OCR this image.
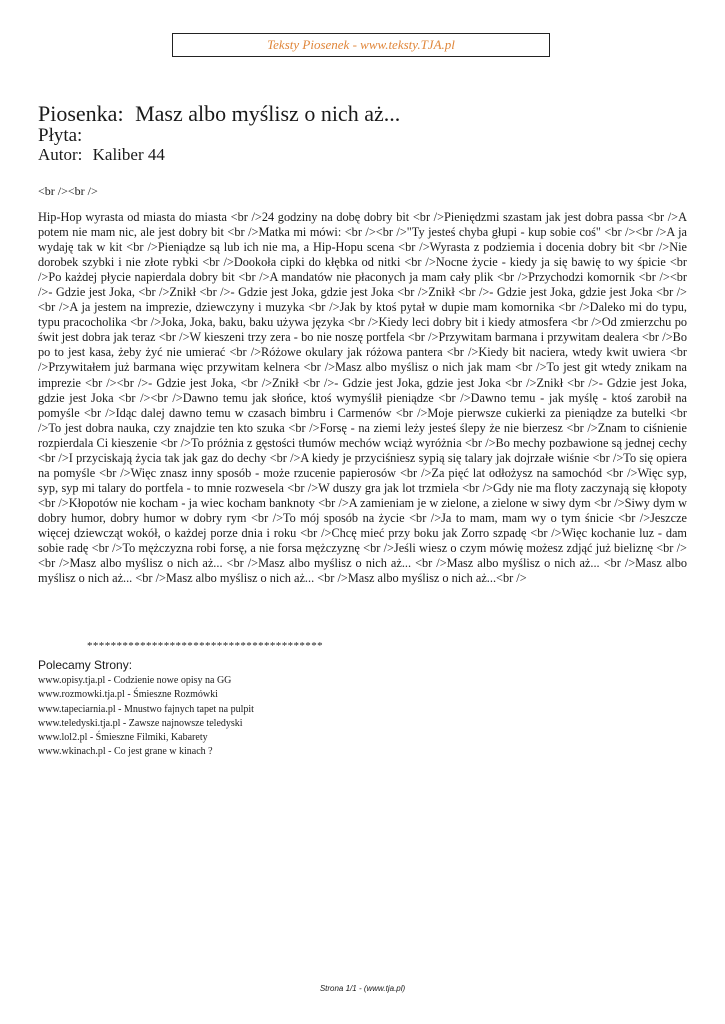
Teksty Piosenek - www.teksty.TJA.pl
Piosenka: Masz albo myślisz o nich aż...
Płyta:
Autor: Kaliber 44
<br /><br />

Hip-Hop wyrasta od miasta do miasta <br />24 godziny na dobę dobry bit <br />Pieniędzmi szastam jak jest dobra passa <br />A potem nie mam nic, ale jest dobry bit <br />Matka mi mówi: <br /><br />"Ty jesteś chyba głupi - kup sobie coś" <br /><br />A ja wydaję tak w kit <br />Pieniądze są lub ich nie ma, a Hip-Hopu scena <br />Wyrasta z podziemia i docenia dobry bit <br />Nie dorobek szybki i nie złote rybki <br />Dookoła cipki do kłębka od nitki <br />Nocne życie - kiedy ja się bawię to wy śpicie <br />Po każdej płycie napierdala dobry bit <br />A mandatów nie płaconych ja mam cały plik <br />Przychodzi komornik <br /><br />- Gdzie jest Joka, <br />Znikł <br />- Gdzie jest Joka, gdzie jest Joka <br />Znikł <br />- Gdzie jest Joka, gdzie jest Joka <br /><br />A ja jestem na imprezie, dziewczyny i muzyka <br />Jak by ktoś pytał w dupie mam komornika <br />Daleko mi do typu, typu pracocholika <br />Joka, Joka, baku, baku używa języka <br />Kiedy leci dobry bit i kiedy atmosfera <br />Od zmierzchu po świt jest dobra jak teraz <br />W kieszeni trzy zera - bo nie noszę portfela <br />Przywitam barmana i przywitam dealera <br />Bo po to jest kasa, żeby żyć nie umierać <br />Różowe okulary jak różowa pantera <br />Kiedy bit naciera, wtedy kwit uwiera <br />Przywitałem już barmana więc przywitam kelnera <br />Masz albo myślisz o nich jak mam <br />To jest git wtedy znikam na imprezie <br /><br />- Gdzie jest Joka, <br />Znikł <br />- Gdzie jest Joka, gdzie jest Joka <br />Znikł <br />- Gdzie jest Joka, gdzie jest Joka <br /><br />Dawno temu jak słońce, ktoś wymyślił pieniądze <br />Dawno temu - jak myślę - ktoś zarobił na pomyśle <br />Idąc dalej dawno temu w czasach bimbru i Carmenów <br />Moje pierwsze cukierki za pieniądze za butelki <br />To jest dobra nauka, czy znajdzie ten kto szuka <br />Forsę - na ziemi leży jesteś ślepy że nie bierzesz <br />Znam to ciśnienie rozpierdala Ci kieszenie <br />To próżnia z gęstości tłumów mechów wciąż wyróżnia <br />Bo mechy pozbawione są jednej cechy <br />I przyciskają życia tak jak gaz do dechy <br />A kiedy je przyciśniesz sypią się talary jak dojrzałe wiśnie <br />To się opiera na pomyśle <br />Więc znasz inny sposób - może rzucenie papierosów <br />Za pięć lat odłożysz na samochód <br />Więc syp, syp, syp mi talary do portfela - to mnie rozwesela <br />W duszy gra jak lot trzmiela <br />Gdy nie ma floty zaczynają się kłopoty <br />Kłopotów nie kocham - ja wiec kocham banknoty <br />A zamieniam je w zielone, a zielone w siwy dym <br />Siwy dym w dobry humor, dobry humor w dobry rym <br />To mój sposób na życie <br />Ja to mam, mam wy o tym śnicie <br />Jeszcze więcej dziewcząt wokół, o każdej porze dnia i roku <br />Chcę mieć przy boku jak Zorro szpadę <br />Więc kochanie luz - dam sobie radę <br />To mężczyzna robi forsę, a nie forsa mężczyznę <br />Jeśli wiesz o czym mówię możesz zdjąć już bieliznę <br /><br />Masz albo myślisz o nich aż... <br />Masz albo myślisz o nich aż... <br />Masz albo myślisz o nich aż... <br />Masz albo myślisz o nich aż... <br />Masz albo myślisz o nich aż... <br />Masz albo myślisz o nich aż...<br />

****************************************
Polecamy Strony:
www.opisy.tja.pl - Codzienie nowe opisy na GG
www.rozmowki.tja.pl - Śmieszne Rozmówki
www.tapeciarnia.pl - Mnustwo fajnych tapet na pulpit
www.teledyski.tja.pl - Zawsze najnowsze teledyski
www.lol2.pl - Śmieszne Filmiki, Kabarety
www.wkinach.pl - Co jest grane w kinach ?
Strona 1/1 - (www.tja.pl)
